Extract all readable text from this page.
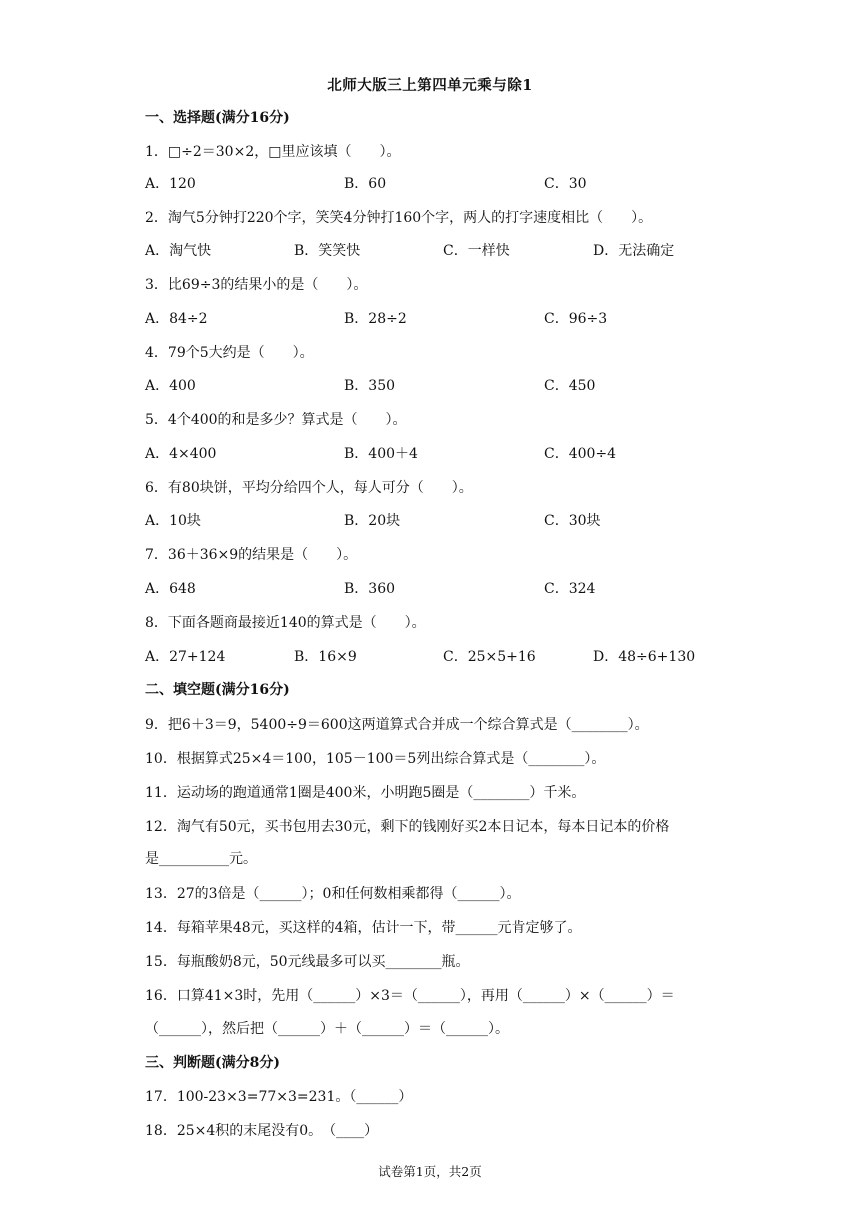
北师大版三上第四单元乘与除1
一、选择题(满分16分)
1．□÷2＝30×2，□里应该填（　　）。
A．120	B．60	C．30
2．淘气5分钟打220个字，笑笑4分钟打160个字，两人的打字速度相比（　　）。
A．淘气快	B．笑笑快	C．一样快	D．无法确定
3．比69÷3的结果小的是（　　）。
A．84÷2	B．28÷2	C．96÷3
4．79个5大约是（　　）。
A．400	B．350	C．450
5．4个400的和是多少？算式是（　　）。
A．4×400	B．400＋4	C．400÷4
6．有80块饼，平均分给四个人，每人可分（　　）。
A．10块	B．20块	C．30块
7．36＋36×9的结果是（　　）。
A．648	B．360	C．324
8．下面各题商最接近140的算式是（　　）。
A．27+124	B．16×9	C．25×5+16	D．48÷6+130
二、填空题(满分16分)
9．把6＋3＝9，5400÷9＝600这两道算式合并成一个综合算式是（________）。
10．根据算式25×4＝100，105－100＝5列出综合算式是（________）。
11．运动场的跑道通常1圈是400米，小明跑5圈是（________）千米。
12．淘气有50元，买书包用去30元，剩下的钱刚好买2本日记本，每本日记本的价格
是__________元。
13．27的3倍是（______）；0和任何数相乘都得（______）。
14．每箱苹果48元，买这样的4箱，估计一下，带______元肯定够了。
15．每瓶酸奶8元，50元线最多可以买________瓶。
16．口算41×3时，先用（______）×3＝（______），再用（______）×（______）＝
（______），然后把（______）＋（______）＝（______）。
三、判断题(满分8分)
17．100-23×3=77×3=231。（______）
18．25×4积的末尾没有0。　（____）
试卷第1页，共2页
